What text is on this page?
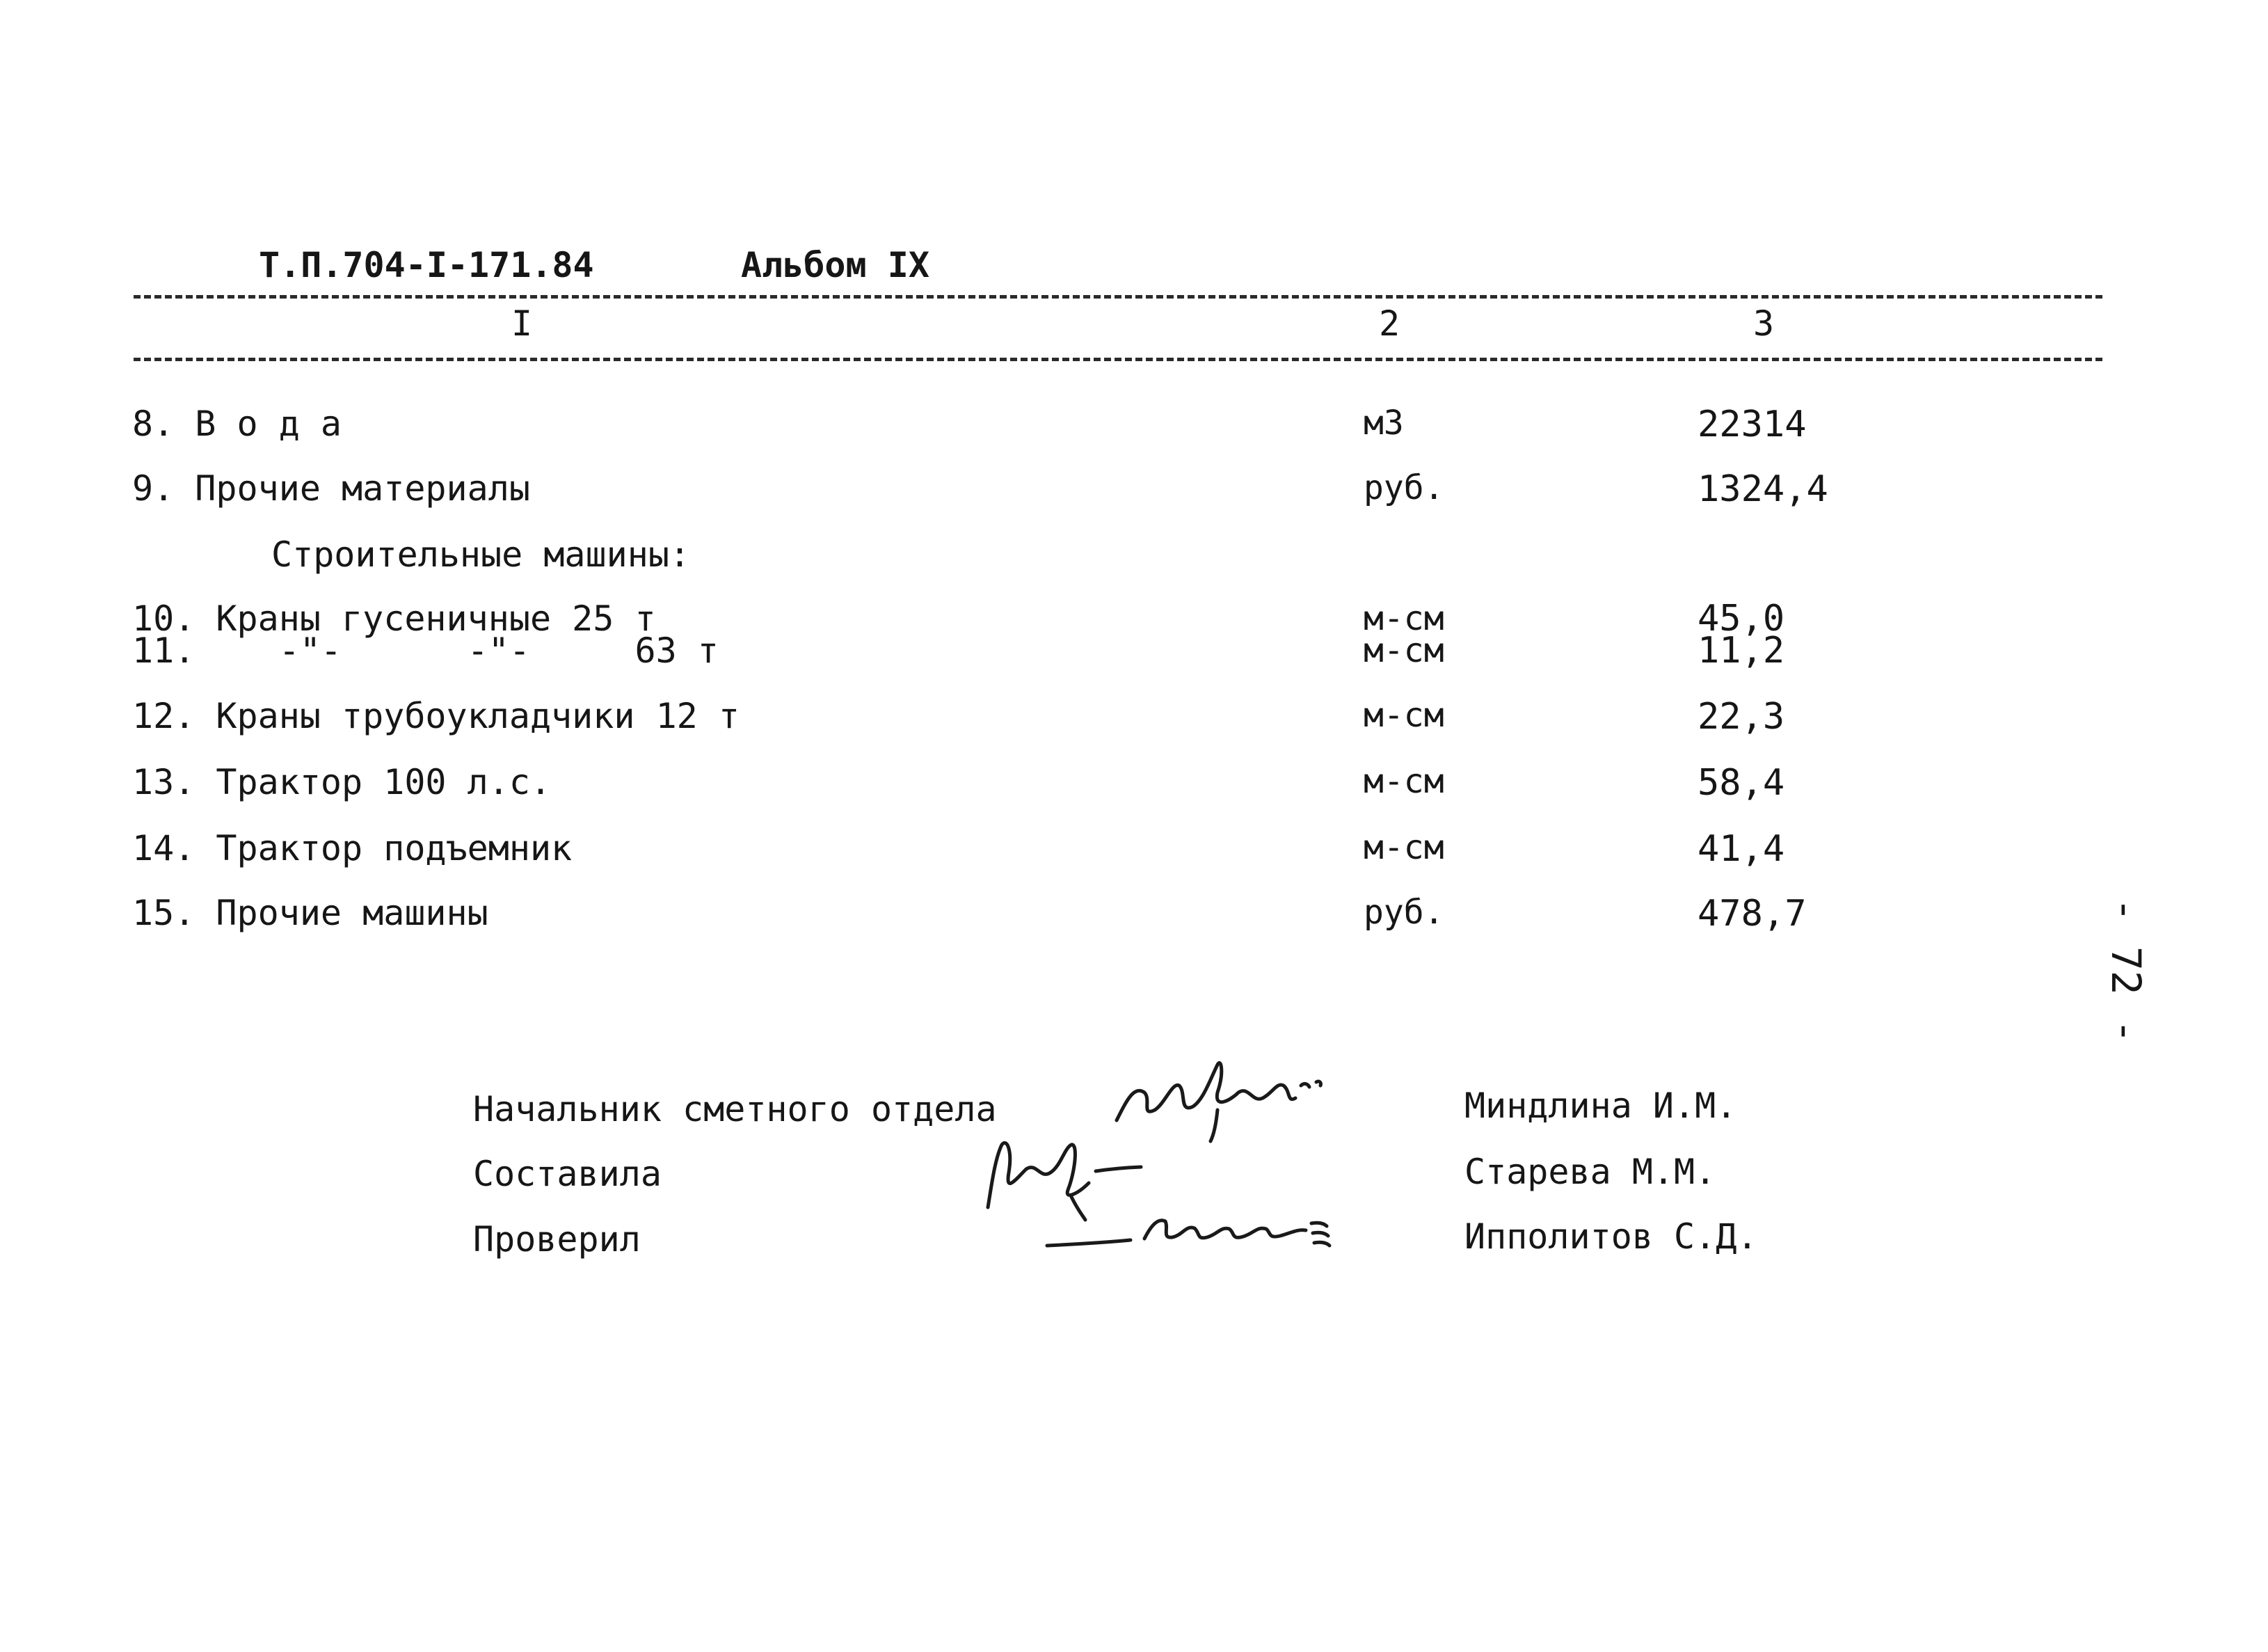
Т.П.704-I-171.84	Альбом IX
I	2	3
8. В о д а	м3	22314
9. Прочие материалы	руб.	1324,4
Строительные машины:
10. Краны гусеничные 25 т	м-см	45,0
11.    -"-      -"-     63 т	м-см	11,2
12. Краны трубоукладчики 12 т	м-см	22,3
13. Трактор 100 л.с.	м-см	58,4
14. Трактор подъемник	м-см	41,4
15. Прочие машины	руб.	478,7	- 72 -
Начальник сметного отдела	Миндлина И.М.
Составила	Старева М.М.
Проверил	Ипполитов С.Д.
